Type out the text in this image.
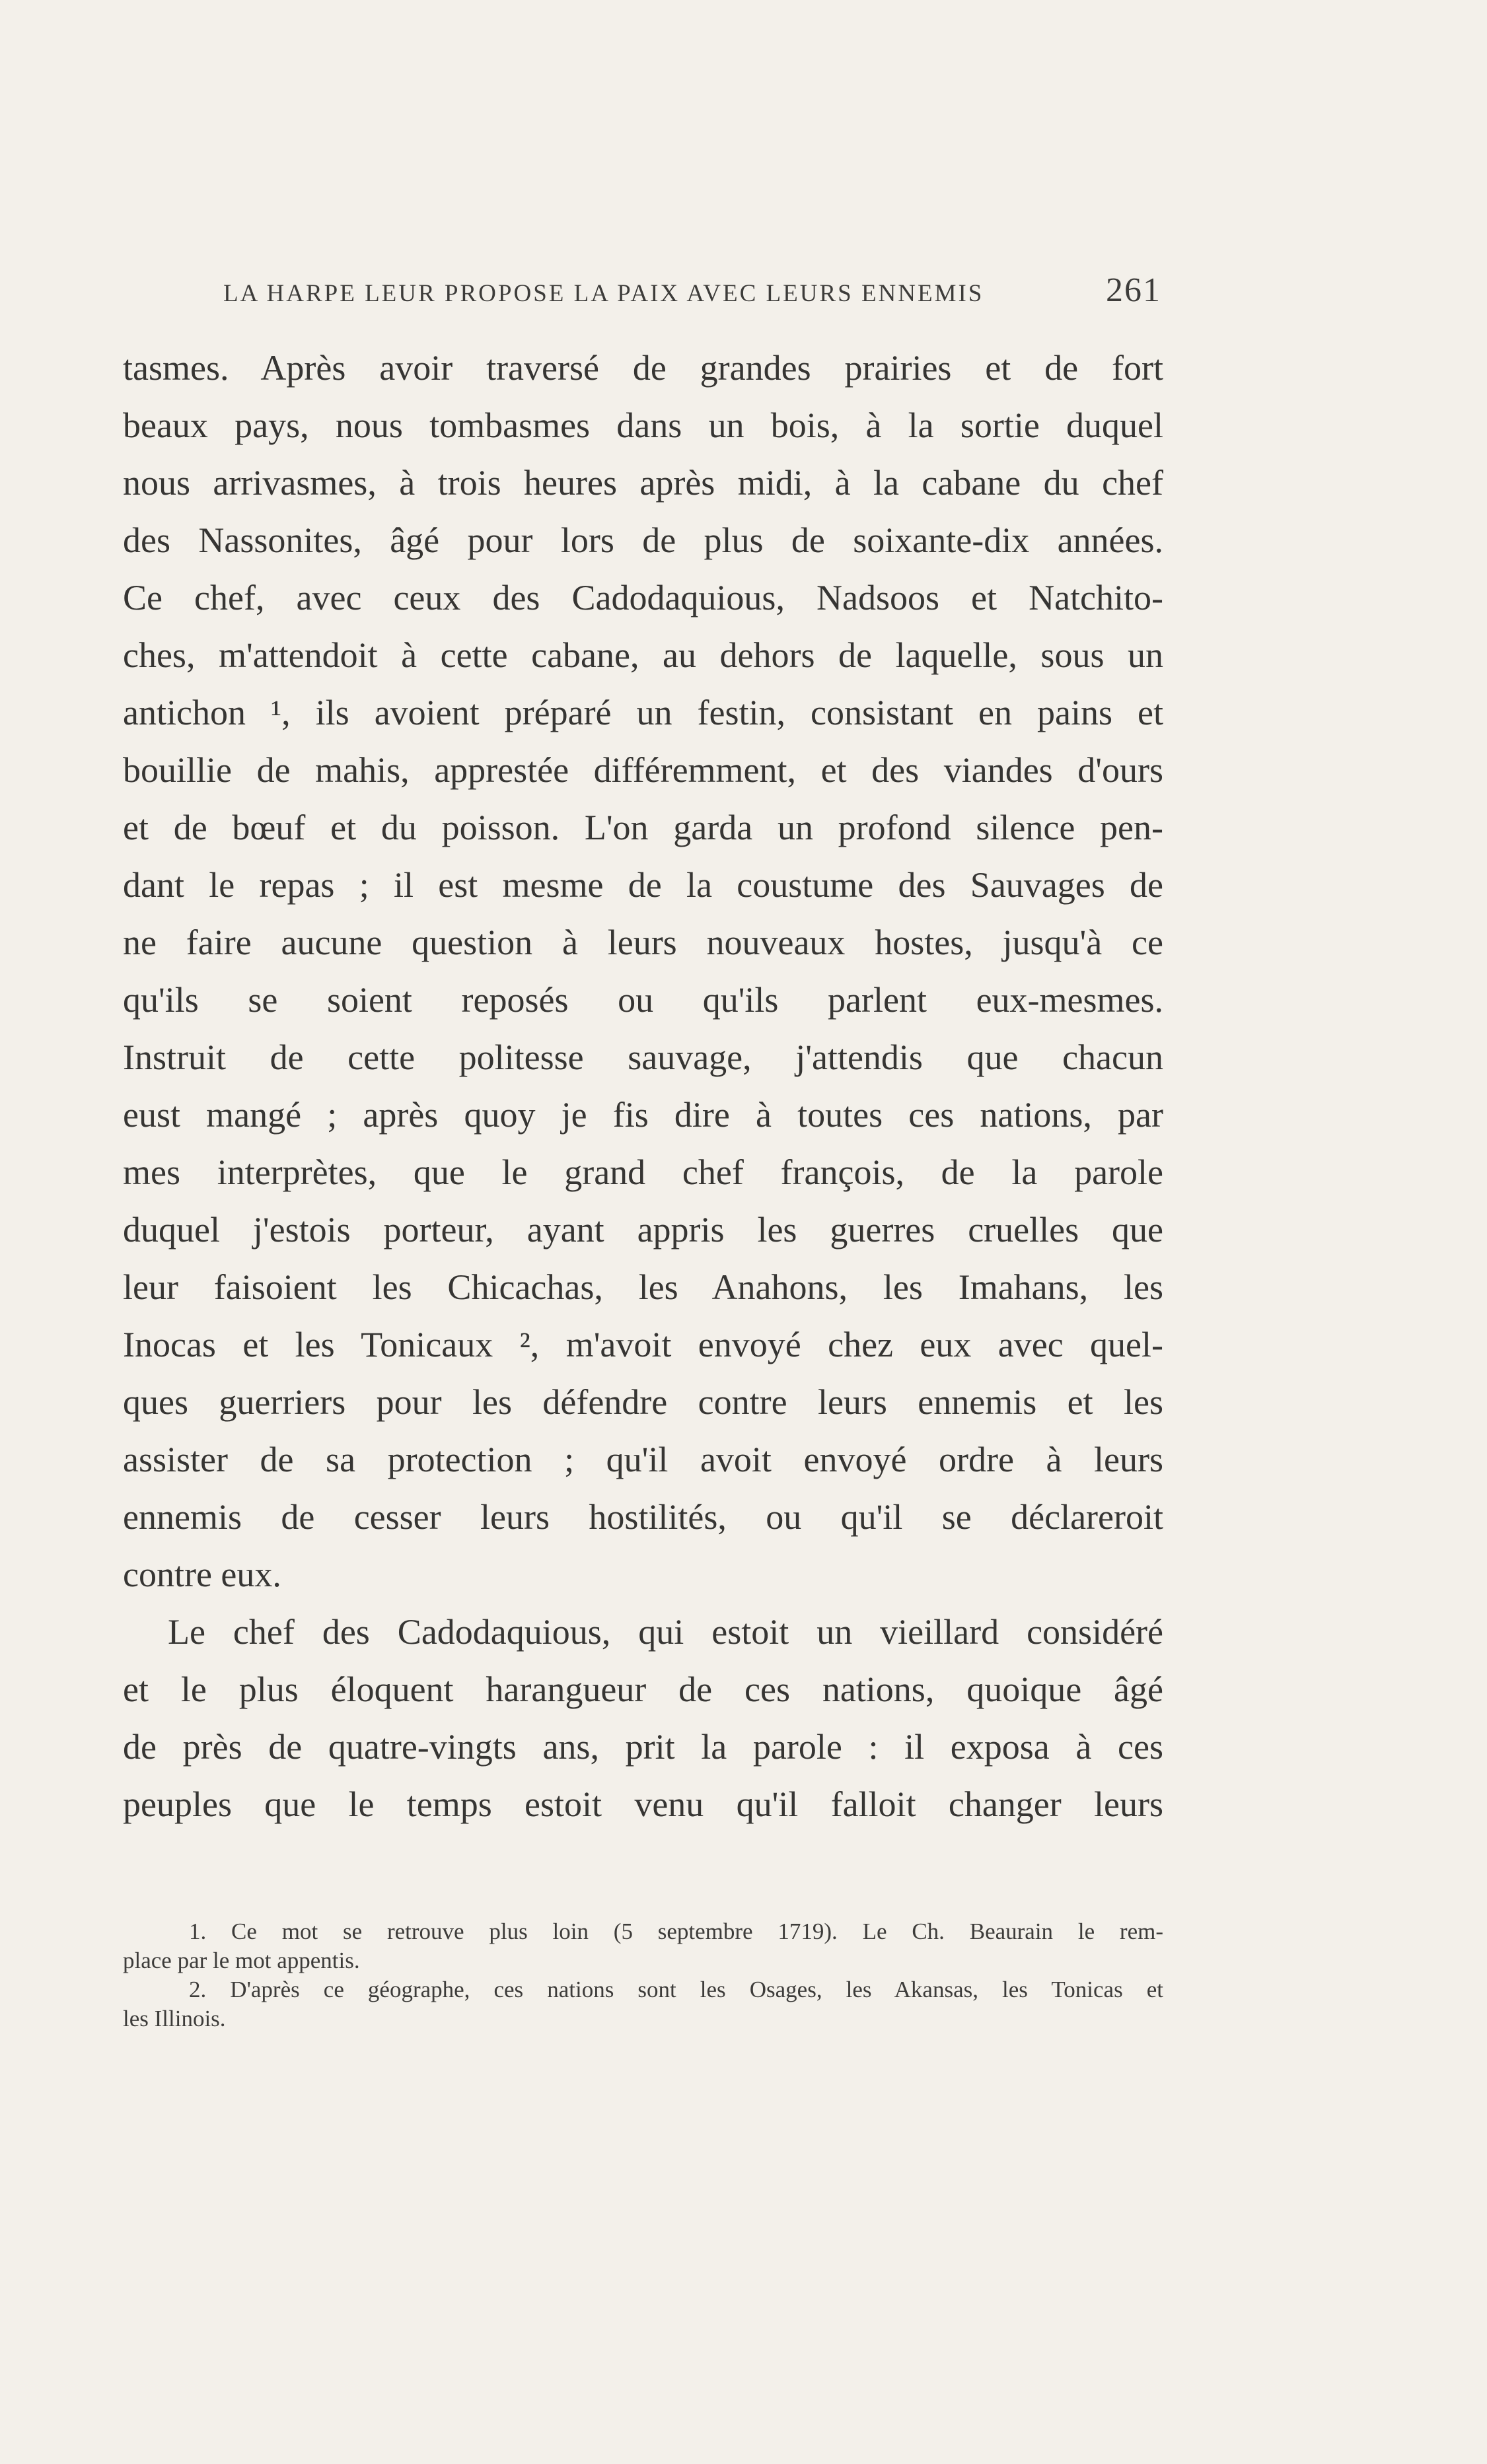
LA HARPE LEUR PROPOSE LA PAIX AVEC LEURS ENNEMIS	261
tasmes. Après avoir traversé de grandes prairies et de fort
beaux pays, nous tombasmes dans un bois, à la sortie duquel
nous arrivasmes, à trois heures après midi, à la cabane du chef
des Nassonites, âgé pour lors de plus de soixante-dix années.
Ce chef, avec ceux des Cadodaquious, Nadsoos et Natchito-
ches, m'attendoit à cette cabane, au dehors de laquelle, sous un
antichon ¹, ils avoient préparé un festin, consistant en pains et
bouillie de mahis, apprestée différemment, et des viandes d'ours
et de bœuf et du poisson. L'on garda un profond silence pen-
dant le repas ; il est mesme de la coustume des Sauvages de
ne faire aucune question à leurs nouveaux hostes, jusqu'à ce
qu'ils se soient reposés ou qu'ils parlent eux-mesmes.
Instruit de cette politesse sauvage, j'attendis que chacun
eust mangé ; après quoy je fis dire à toutes ces nations, par
mes interprètes, que le grand chef françois, de la parole
duquel j'estois porteur, ayant appris les guerres cruelles que
leur faisoient les Chicachas, les Anahons, les Imahans, les
Inocas et les Tonicaux ², m'avoit envoyé chez eux avec quel-
ques guerriers pour les défendre contre leurs ennemis et les
assister de sa protection ; qu'il avoit envoyé ordre à leurs
ennemis de cesser leurs hostilités, ou qu'il se déclareroit
contre eux.
Le chef des Cadodaquious, qui estoit un vieillard considéré
et le plus éloquent harangueur de ces nations, quoique âgé
de près de quatre-vingts ans, prit la parole : il exposa à ces
peuples que le temps estoit venu qu'il falloit changer leurs
1. Ce mot se retrouve plus loin (5 septembre 1719). Le Ch. Beaurain le rem-
place par le mot appentis.
2. D'après ce géographe, ces nations sont les Osages, les Akansas, les Tonicas et
les Illinois.
